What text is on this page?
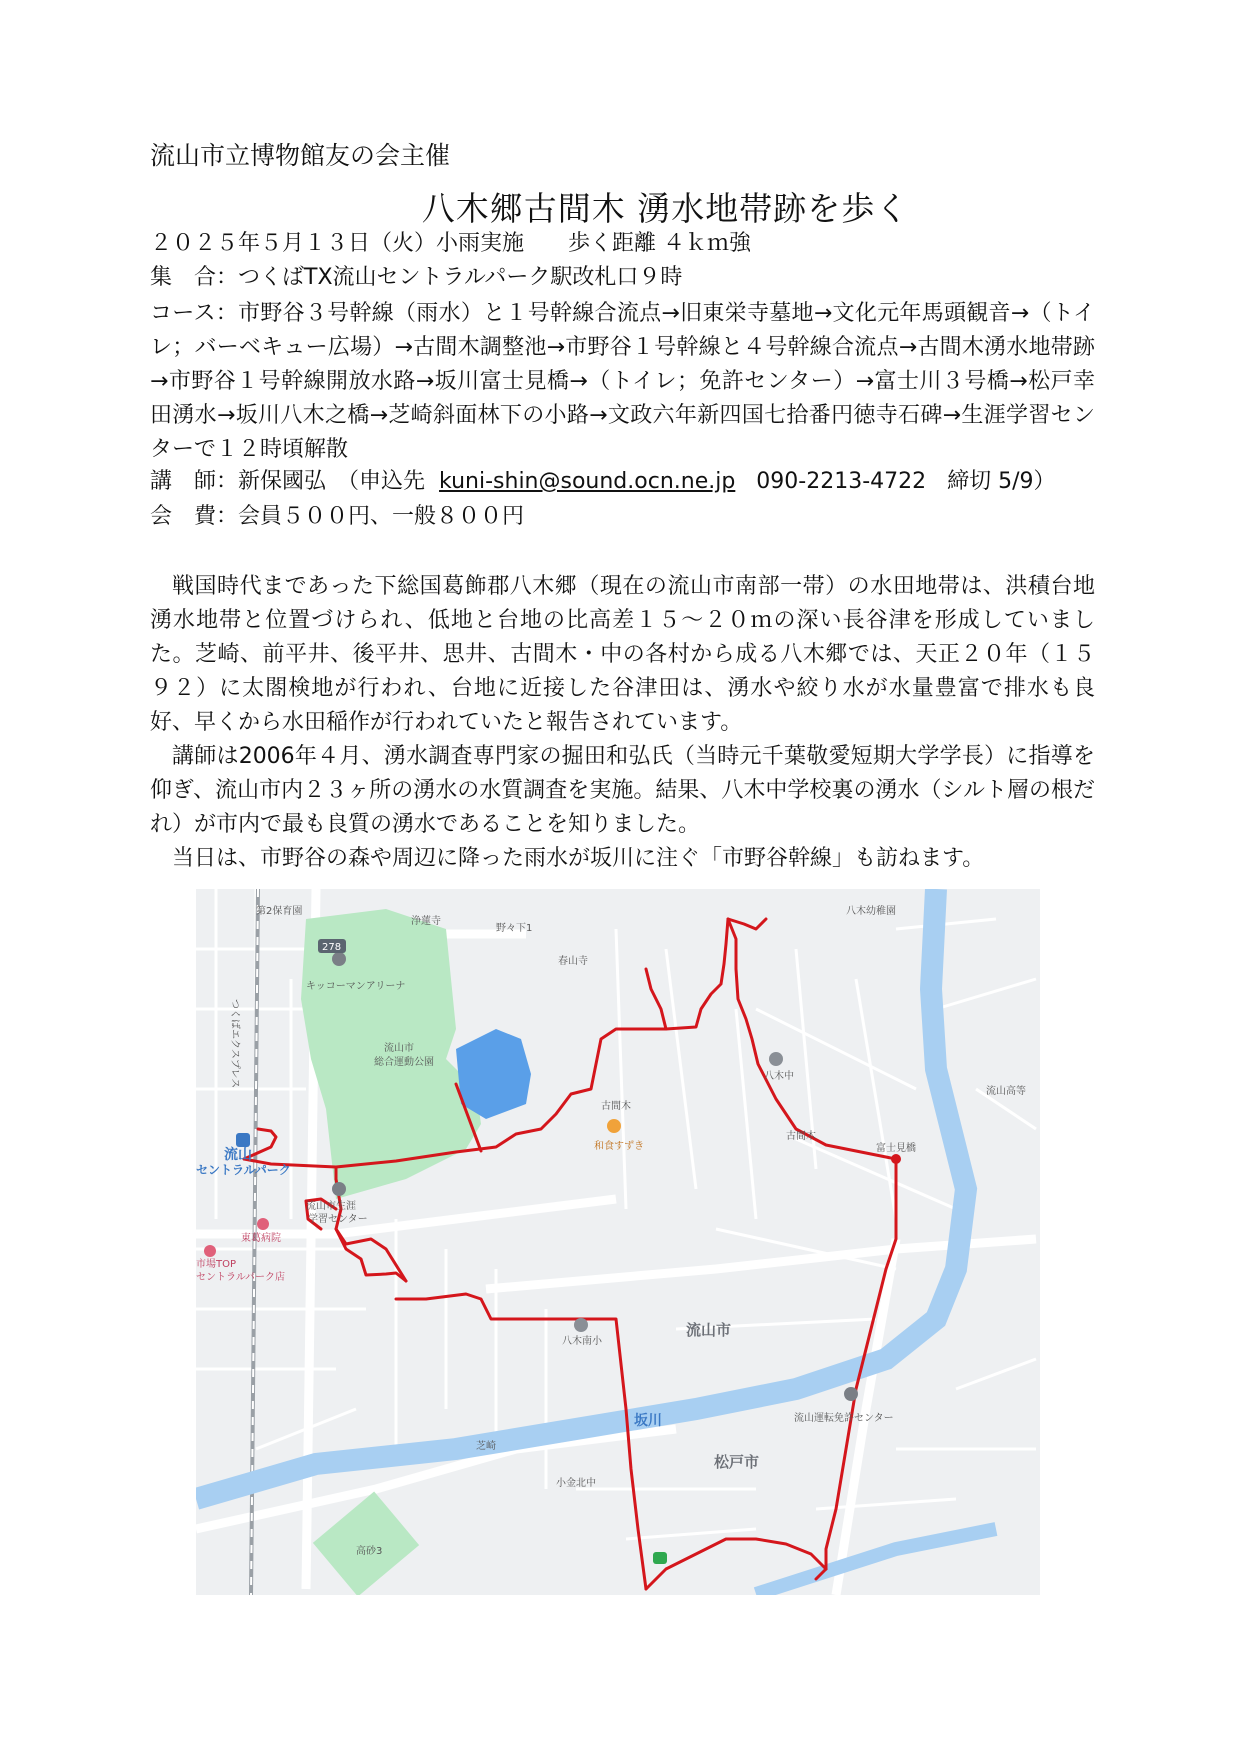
流山市立博物館友の会主催
八木郷古間木 湧水地帯跡を歩く
２０２５年５月１３日（火）小雨実施　　歩く距離 ４ｋｍ強
集　合：つくばTX流山セントラルパーク駅改札口９時
コース：市野谷３号幹線（雨水）と１号幹線合流点→旧東栄寺墓地→文化元年馬頭観音→（トイレ；バーベキュー広場）→古間木調整池→市野谷１号幹線と４号幹線合流点→古間木湧水地帯跡→市野谷１号幹線開放水路→坂川富士見橋→（トイレ；免許センター）→富士川３号橋→松戸幸田湧水→坂川八木之橋→芝崎斜面林下の小路→文政六年新四国七拾番円徳寺石碑→生涯学習センターで１２時頃解散
講　師：新保國弘　（申込先 kuni-shin@sound.ocn.ne.jp 090-2213-4722 締切 5/9）
会　費：会員５００円、一般８００円
戦国時代まであった下総国葛飾郡八木郷（現在の流山市南部一帯）の水田地帯は、洪積台地湧水地帯と位置づけられ、低地と台地の比高差１５～２０ｍの深い長谷津を形成していました。芝崎、前平井、後平井、思井、古間木・中の各村から成る八木郷では、天正２０年（１５９２）に太閤検地が行われ、台地に近接した谷津田は、湧水や絞り水が水量豊富で排水も良好、早くから水田稲作が行われていたと報告されています。
講師は2006年４月、湧水調査専門家の掘田和弘氏（当時元千葉敬愛短期大学学長）に指導を仰ぎ、流山市内２３ヶ所の湧水の水質調査を実施。結果、八木中学校裏の湧水（シルト層の根だれ）が市内で最も良質の湧水であることを知りました。
当日は、市野谷の森や周辺に降った雨水が坂川に注ぐ「市野谷幹線」も訪ねます。
第2保育園
278
浄蓮寺
野々下1
八木幼稚園
キッコーマンアリーナ
春山寺
流山市
総合運動公園
つくばエクスプレス
古間木
和食すずき
八木中
古間木
流山高等
流山
セントラルパーク
流山市生涯
学習センター
東葛病院
市場TOP
セントラルパーク店
富士見橋
八木南小
流山市
坂川	流山運転免許センター
芝崎
小金北中
松戸市
高砂3
